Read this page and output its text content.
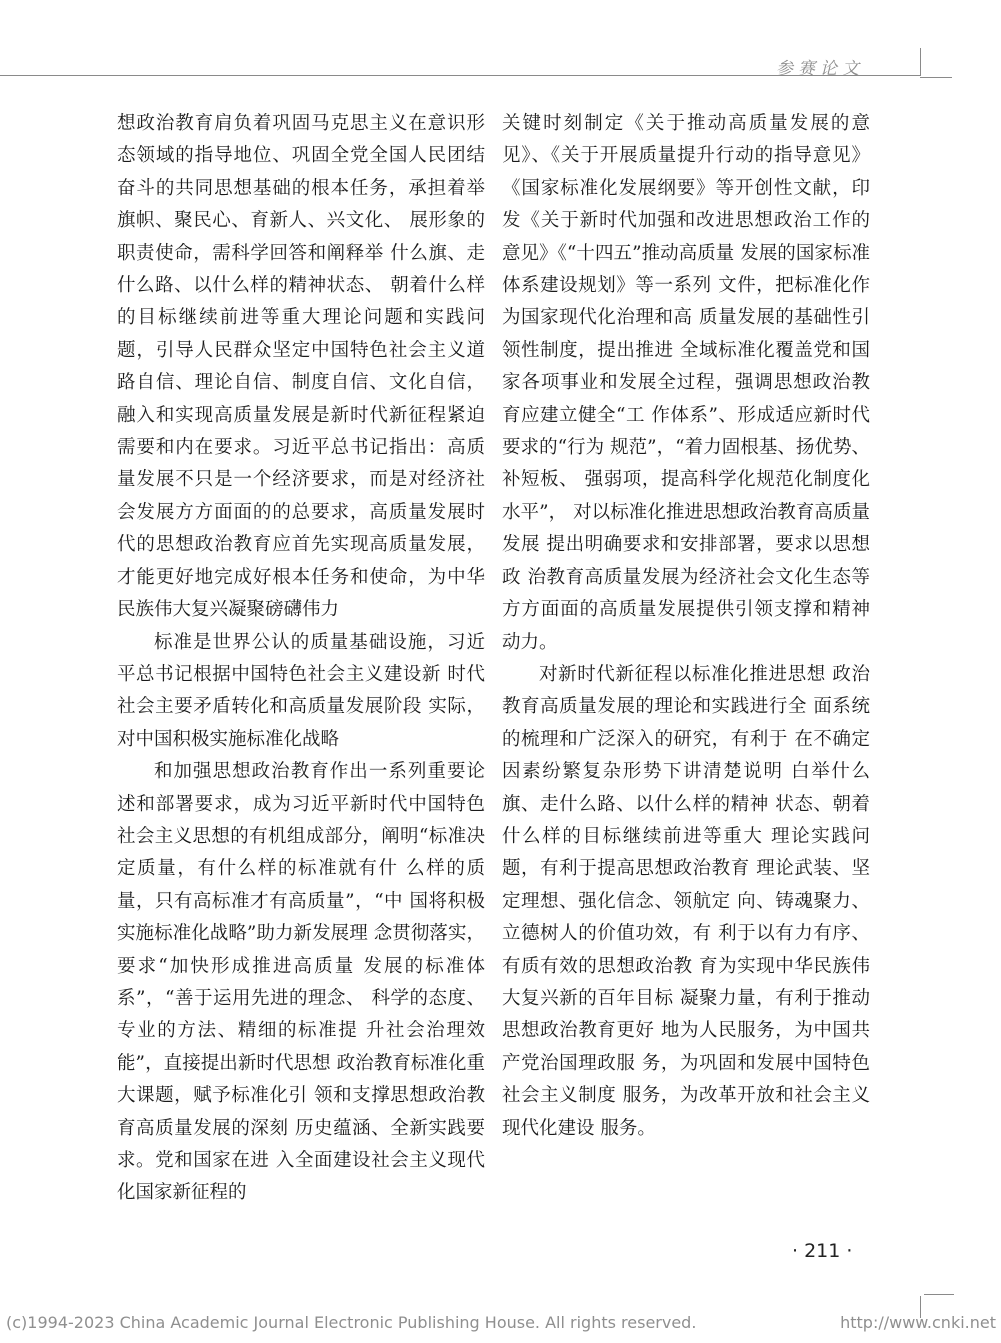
参赛论文

想政治教育肩负着巩固马克思主义在意识形态领域的指导地位、巩固全党全国人民团结奋斗的共同思想基础的根本任务，承担着举旗帜、聚民心、育新人、兴文化、 展形象的职责使命，需科学回答和阐释举 什么旗、走什么路、以什么样的精神状态、 朝着什么样的目标继续前进等重大理论问题和实践问题，引导人民群众坚定中国特色社会主义道路自信、理论自信、制度自信、文化自信，融入和实现高质量发展是新时代新征程紧迫需要和内在要求。习近平总书记指出：高质量发展不只是一个经济要求，而是对经济社会发展方方面面的的总要求，高质量发展时代的思想政治教育应首先实现高质量发展，才能更好地完成好根本任务和使命，为中华民族伟大复兴凝聚磅礴伟力

标准是世界公认的质量基础设施，习近平总书记根据中国特色社会主义建设新 时代社会主要矛盾转化和高质量发展阶段 实际，对中国积极实施标准化战略

和加强思想政治教育作出一系列重要论述和部署要求，成为习近平新时代中国特色社会主义思想的有机组成部分，阐明“标准决定质量，有什么样的标准就有什 么样的质量，只有高标准才有高质量”，“中 国将积极实施标准化战略”助力新发展理 念贯彻落实，要求“加快形成推进高质量 发展的标准体系”，“善于运用先进的理念、 科学的态度、专业的方法、精细的标准提 升社会治理效能”，直接提出新时代思想 政治教育标准化重大课题，赋予标准化引 领和支撑思想政治教育高质量发展的深刻 历史蕴涵、全新实践要求。党和国家在进 入全面建设社会主义现代化国家新征程的

关键时刻制定《关于推动高质量发展的意见》、《关于开展质量提升行动的指导意见》《国家标准化发展纲要》等开创性文献，印发《关于新时代加强和改进思想政治工作的意见》《“十四五”推动高质量 发展的国家标准体系建设规划》等一系列 文件，把标准化作为国家现代化治理和高 质量发展的基础性引领性制度，提出推进 全域标准化覆盖党和国家各项事业和发展全过程，强调思想政治教育应建立健全“工 作体系”、形成适应新时代要求的“行为 规范”，“着力固根基、扬优势、补短板、 强弱项，提高科学化规范化制度化水平”， 对以标准化推进思想政治教育高质量发展 提出明确要求和安排部署，要求以思想政 治教育高质量发展为经济社会文化生态等方方面面的高质量发展提供引领支撑和精神动力。

对新时代新征程以标准化推进思想 政治教育高质量发展的理论和实践进行全 面系统的梳理和广泛深入的研究，有利于 在不确定因素纷繁复杂形势下讲清楚说明 白举什么旗、走什么路、以什么样的精神 状态、朝着什么样的目标继续前进等重大 理论实践问题，有利于提高思想政治教育 理论武装、坚定理想、强化信念、领航定 向、铸魂聚力、立德树人的价值功效，有 利于以有力有序、有质有效的思想政治教 育为实现中华民族伟大复兴新的百年目标 凝聚力量，有利于推动思想政治教育更好 地为人民服务，为中国共产党治国理政服 务，为巩固和发展中国特色社会主义制度 服务，为改革开放和社会主义现代化建设 服务。

· 211 ·
(c)1994-2023 China Academic Journal Electronic Publishing House. All rights reserved.	http://www.cnki.net
